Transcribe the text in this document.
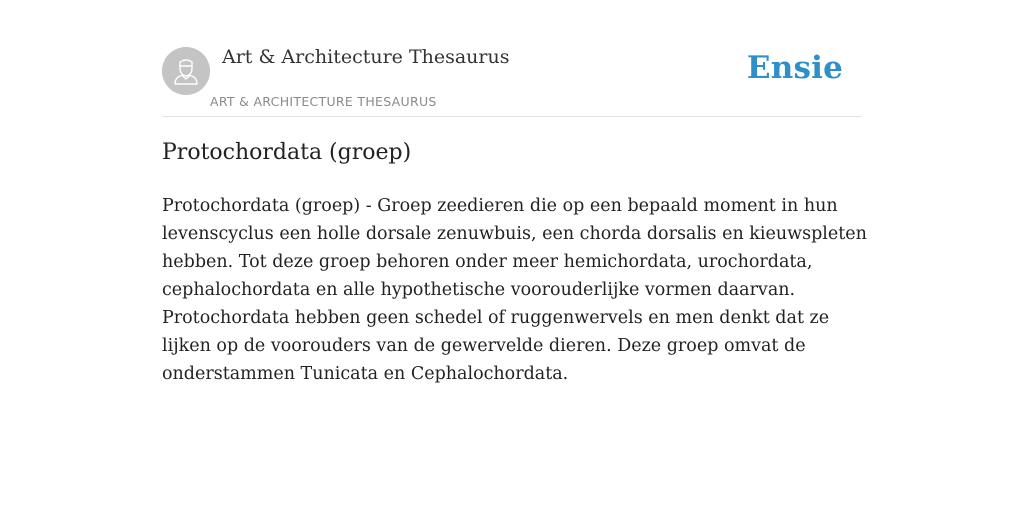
Art & Architecture Thesaurus
ART & ARCHITECTURE THESAURUS
Ensie
Protochordata (groep)

Protochordata (groep) - Groep zeedieren die op een bepaald moment in hun levenscyclus een holle dorsale zenuwbuis, een chorda dorsalis en kieuwspleten hebben. Tot deze groep behoren onder meer hemichordata, urochordata, cephalochordata en alle hypothetische voorouderlijke vormen daarvan. Protochordata hebben geen schedel of ruggenwervels en men denkt dat ze lijken op de voorouders van de gewervelde dieren. Deze groep omvat de onderstammen Tunicata en Cephalochordata.
